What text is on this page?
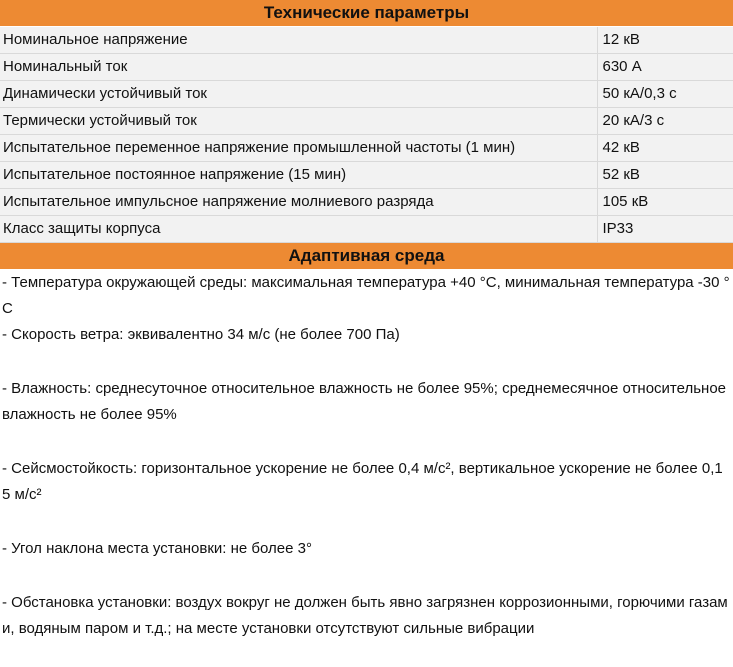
Технические параметры
Номинальное напряжение	12 кВ
Номинальный ток	630 А
Динамически устойчивый ток	50 кА/0,3 с
Термически устойчивый ток	20 кА/3 с
Испытательное переменное напряжение промышленной частоты (1 мин)	42 кВ
Испытательное постоянное напряжение (15 мин)	52 кВ
Испытательное импульсное напряжение молниевого разряда	105 кВ
Класс защиты корпуса	IP33
Адаптивная среда

- Температура окружающей среды: максимальная температура +40 °C, минимальная температура -30 °C

- Скорость ветра: эквивалентно 34 м/с (не более 700 Па)

- Влажность: среднесуточное относительное влажность не более 95%; среднемесячное относительное влажность не более 95%

- Сейсмостойкость: горизонтальное ускорение не более 0,4 м/с², вертикальное ускорение не более 0,15 м/с²

- Угол наклона места установки: не более 3°

- Обстановка установки: воздух вокруг не должен быть явно загрязнен коррозионными, горючими газами, водяным паром и т.д.; на месте установки отсутствуют сильные вибрации
